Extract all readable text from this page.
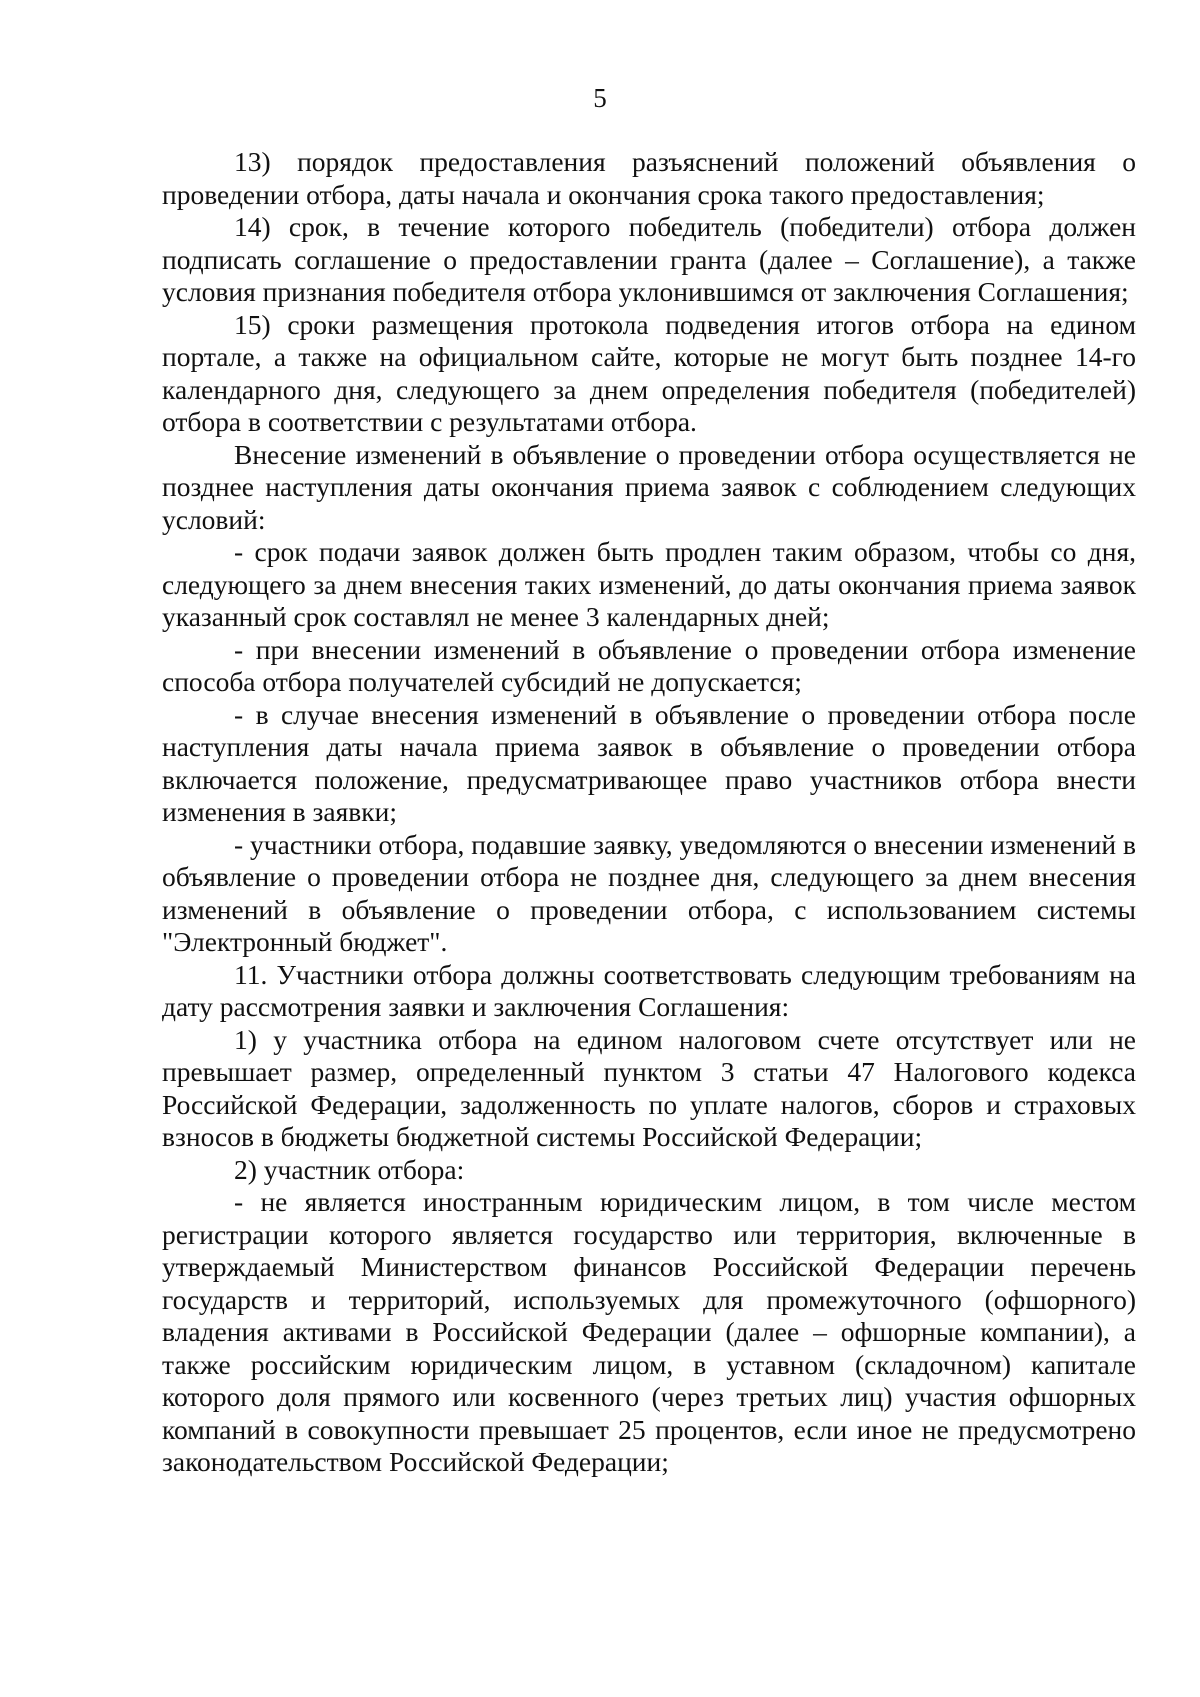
5

13) порядок предоставления разъяснений положений объявления о проведении отбора, даты начала и окончания срока такого предоставления;

14) срок, в течение которого победитель (победители) отбора должен подписать соглашение о предоставлении гранта (далее – Соглашение), а также условия признания победителя отбора уклонившимся от заключения Соглашения;

15) сроки размещения протокола подведения итогов отбора на едином портале, а также на официальном сайте, которые не могут быть позднее 14-го календарного дня, следующего за днем определения победителя (победителей) отбора в соответствии с результатами отбора.

Внесение изменений в объявление о проведении отбора осуществляется не позднее наступления даты окончания приема заявок с соблюдением следующих условий:

- срок подачи заявок должен быть продлен таким образом, чтобы со дня, следующего за днем внесения таких изменений, до даты окончания приема заявок указанный срок составлял не менее 3 календарных дней;

- при внесении изменений в объявление о проведении отбора изменение способа отбора получателей субсидий не допускается;

- в случае внесения изменений в объявление о проведении отбора после наступления даты начала приема заявок в объявление о проведении отбора включается положение, предусматривающее право участников отбора внести изменения в заявки;

- участники отбора, подавшие заявку, уведомляются о внесении изменений в объявление о проведении отбора не позднее дня, следующего за днем внесения изменений в объявление о проведении отбора, с использованием системы "Электронный бюджет".

11. Участники отбора должны соответствовать следующим требованиям на дату рассмотрения заявки и заключения Соглашения:

1) у участника отбора на едином налоговом счете отсутствует или не превышает размер, определенный пунктом 3 статьи 47 Налогового кодекса Российской Федерации, задолженность по уплате налогов, сборов и страховых взносов в бюджеты бюджетной системы Российской Федерации;

2) участник отбора:

- не является иностранным юридическим лицом, в том числе местом регистрации которого является государство или территория, включенные в утверждаемый Министерством финансов Российской Федерации перечень государств и территорий, используемых для промежуточного (офшорного) владения активами в Российской Федерации (далее – офшорные компании), а также российским юридическим лицом, в уставном (складочном) капитале которого доля прямого или косвенного (через третьих лиц) участия офшорных компаний в совокупности превышает 25 процентов, если иное не предусмотрено законодательством Российской Федерации;
